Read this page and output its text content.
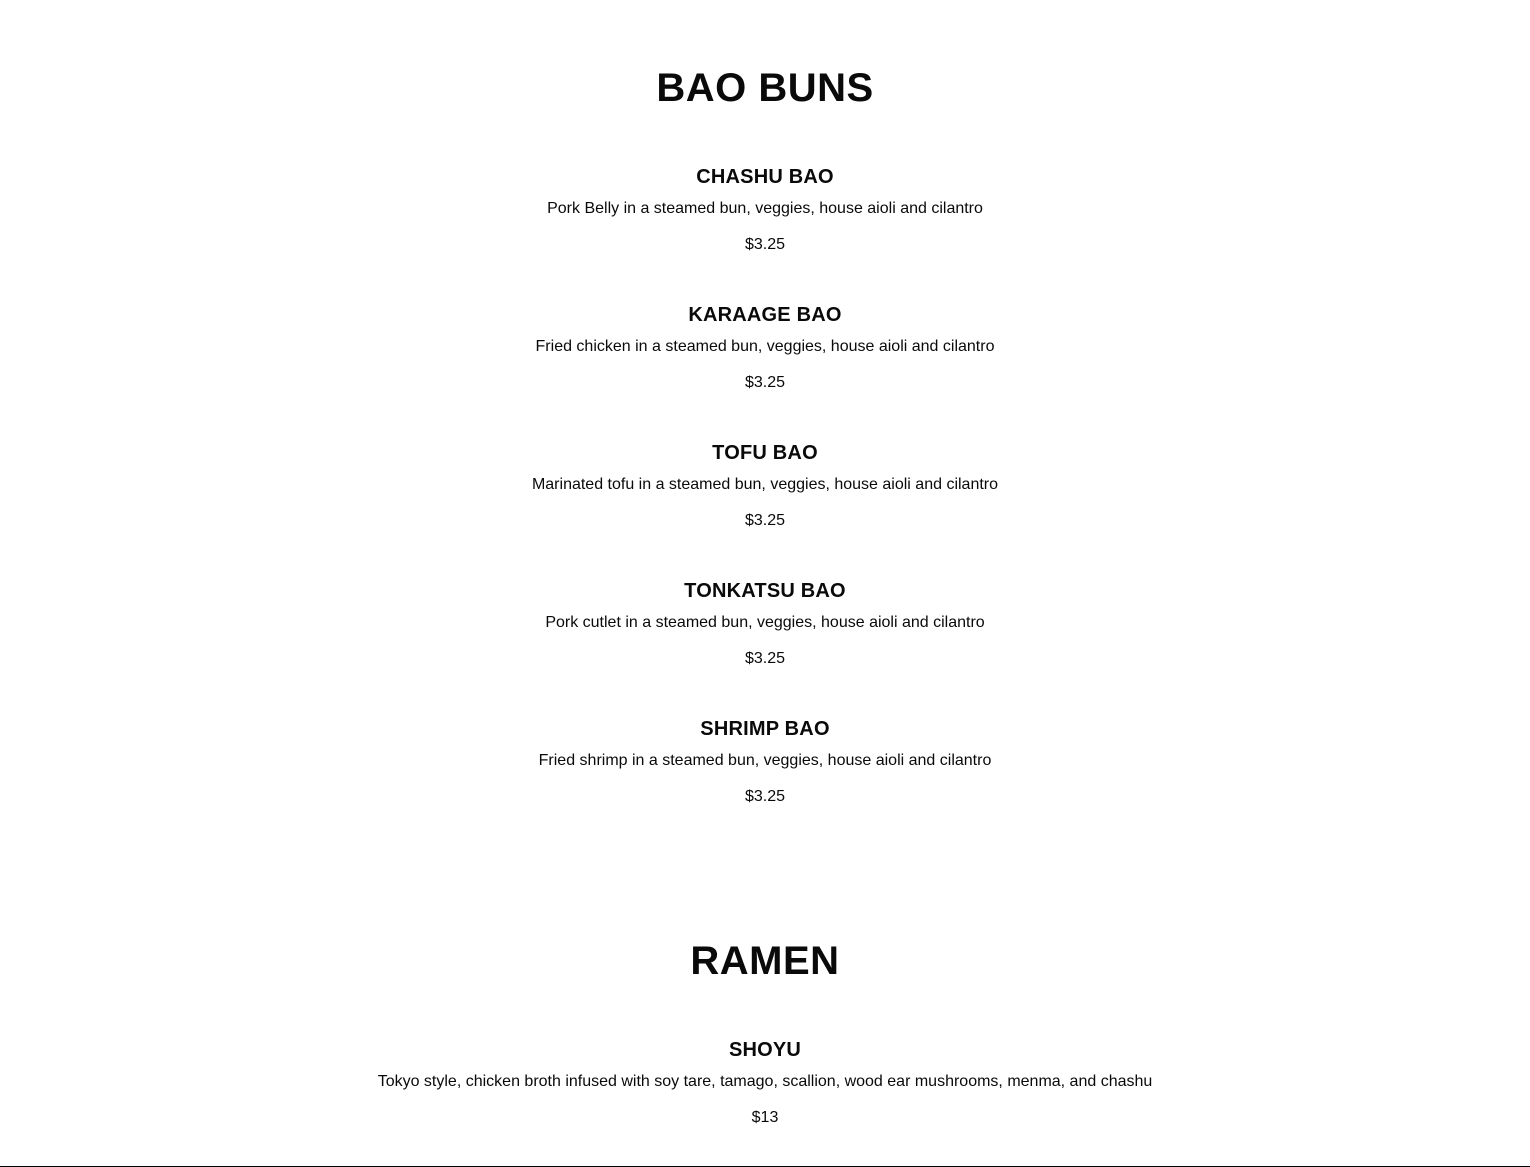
BAO BUNS
CHASHU BAO
Pork Belly in a steamed bun, veggies, house aioli and cilantro
$3.25
KARAAGE BAO
Fried chicken in a steamed bun, veggies, house aioli and cilantro
$3.25
TOFU BAO
Marinated tofu in a steamed bun, veggies, house aioli and cilantro
$3.25
TONKATSU BAO
Pork cutlet in a steamed bun, veggies, house aioli and cilantro
$3.25
SHRIMP BAO
Fried shrimp in a steamed bun, veggies, house aioli and cilantro
$3.25
RAMEN
SHOYU
Tokyo style, chicken broth infused with soy tare, tamago, scallion, wood ear mushrooms, menma, and chashu
$13
